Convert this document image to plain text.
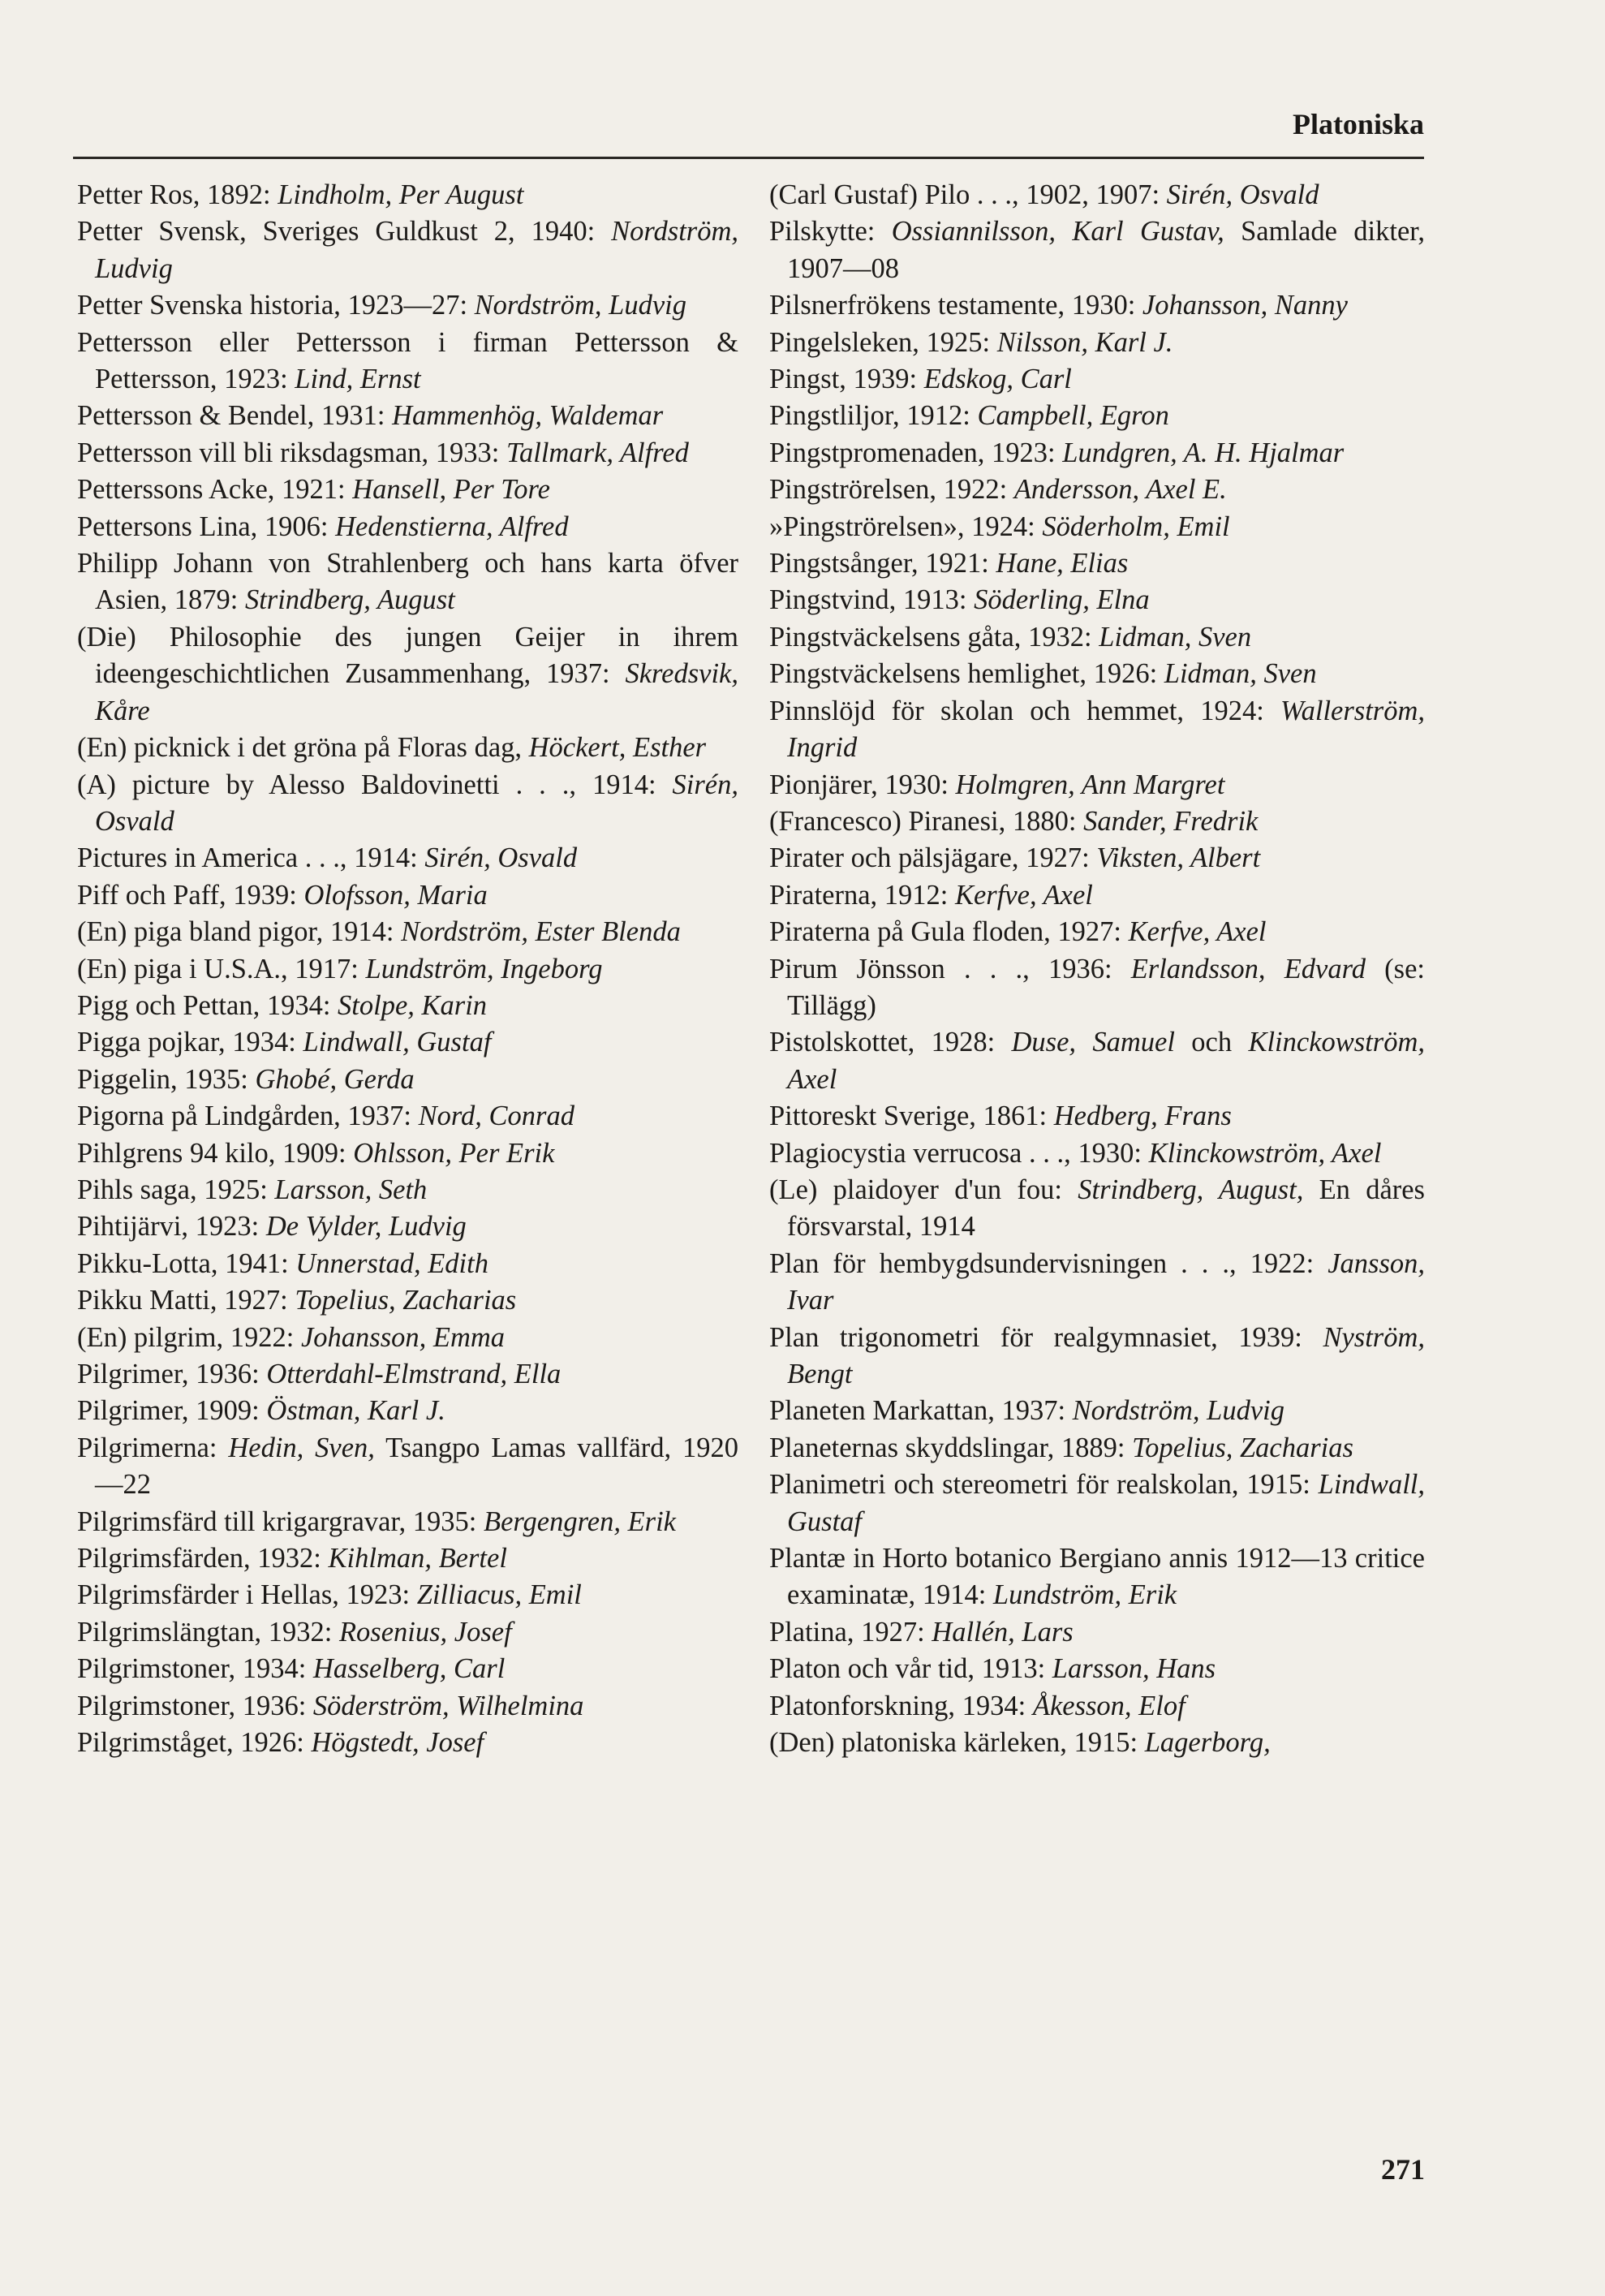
Platoniska

Petter Ros, 1892: Lindholm, Per August

Petter Svensk, Sveriges Guldkust 2, 1940: Nordström, Ludvig

Petter Svenska historia, 1923—27: Nordström, Ludvig

Pettersson eller Pettersson i firman Pettersson & Pettersson, 1923: Lind, Ernst

Pettersson & Bendel, 1931: Hammenhög, Waldemar

Pettersson vill bli riksdagsman, 1933: Tallmark, Alfred

Petterssons Acke, 1921: Hansell, Per Tore

Pettersons Lina, 1906: Hedenstierna, Alfred

Philipp Johann von Strahlenberg och hans karta öfver Asien, 1879: Strindberg, August

(Die) Philosophie des jungen Geijer in ihrem ideengeschichtlichen Zusammenhang, 1937: Skredsvik, Kåre

(En) picknick i det gröna på Floras dag, Höckert, Esther

(A) picture by Alesso Baldovinetti . . ., 1914: Sirén, Osvald

Pictures in America . . ., 1914: Sirén, Osvald

Piff och Paff, 1939: Olofsson, Maria

(En) piga bland pigor, 1914: Nordström, Ester Blenda

(En) piga i U.S.A., 1917: Lundström, Ingeborg

Pigg och Pettan, 1934: Stolpe, Karin

Pigga pojkar, 1934: Lindwall, Gustaf

Piggelin, 1935: Ghobé, Gerda

Pigorna på Lindgården, 1937: Nord, Conrad

Pihlgrens 94 kilo, 1909: Ohlsson, Per Erik

Pihls saga, 1925: Larsson, Seth

Pihtijärvi, 1923: De Vylder, Ludvig

Pikku-Lotta, 1941: Unnerstad, Edith

Pikku Matti, 1927: Topelius, Zacharias

(En) pilgrim, 1922: Johansson, Emma

Pilgrimer, 1936: Otterdahl-Elmstrand, Ella

Pilgrimer, 1909: Östman, Karl J.

Pilgrimerna: Hedin, Sven, Tsangpo Lamas vallfärd, 1920—22

Pilgrimsfärd till krigargravar, 1935: Bergengren, Erik

Pilgrimsfärden, 1932: Kihlman, Bertel

Pilgrimsfärder i Hellas, 1923: Zilliacus, Emil

Pilgrimslängtan, 1932: Rosenius, Josef

Pilgrimstoner, 1934: Hasselberg, Carl

Pilgrimstoner, 1936: Söderström, Wilhelmina

Pilgrimståget, 1926: Högstedt, Josef

(Carl Gustaf) Pilo . . ., 1902, 1907: Sirén, Osvald

Pilskytte: Ossiannilsson, Karl Gustav, Samlade dikter, 1907—08

Pilsnerfrökens testamente, 1930: Johansson, Nanny

Pingelsleken, 1925: Nilsson, Karl J.

Pingst, 1939: Edskog, Carl

Pingstliljor, 1912: Campbell, Egron

Pingstpromenaden, 1923: Lundgren, A. H. Hjalmar

Pingströrelsen, 1922: Andersson, Axel E.

»Pingströrelsen», 1924: Söderholm, Emil

Pingstsånger, 1921: Hane, Elias

Pingstvind, 1913: Söderling, Elna

Pingstväckelsens gåta, 1932: Lidman, Sven

Pingstväckelsens hemlighet, 1926: Lidman, Sven

Pinnslöjd för skolan och hemmet, 1924: Wallerström, Ingrid

Pionjärer, 1930: Holmgren, Ann Margret

(Francesco) Piranesi, 1880: Sander, Fredrik

Pirater och pälsjägare, 1927: Viksten, Albert

Piraterna, 1912: Kerfve, Axel

Piraterna på Gula floden, 1927: Kerfve, Axel

Pirum Jönsson . . ., 1936: Erlandsson, Edvard (se: Tillägg)

Pistolskottet, 1928: Duse, Samuel och Klinckowström, Axel

Pittoreskt Sverige, 1861: Hedberg, Frans

Plagiocystia verrucosa . . ., 1930: Klinckowström, Axel

(Le) plaidoyer d'un fou: Strindberg, August, En dåres försvarstal, 1914

Plan för hembygdsundervisningen . . ., 1922: Jansson, Ivar

Plan trigonometri för realgymnasiet, 1939: Nyström, Bengt

Planeten Markattan, 1937: Nordström, Ludvig

Planeternas skyddslingar, 1889: Topelius, Zacharias

Planimetri och stereometri för realskolan, 1915: Lindwall, Gustaf

Plantæ in Horto botanico Bergiano annis 1912—13 critice examinatæ, 1914: Lundström, Erik

Platina, 1927: Hallén, Lars

Platon och vår tid, 1913: Larsson, Hans

Platonforskning, 1934: Åkesson, Elof

(Den) platoniska kärleken, 1915: Lagerborg,

271
